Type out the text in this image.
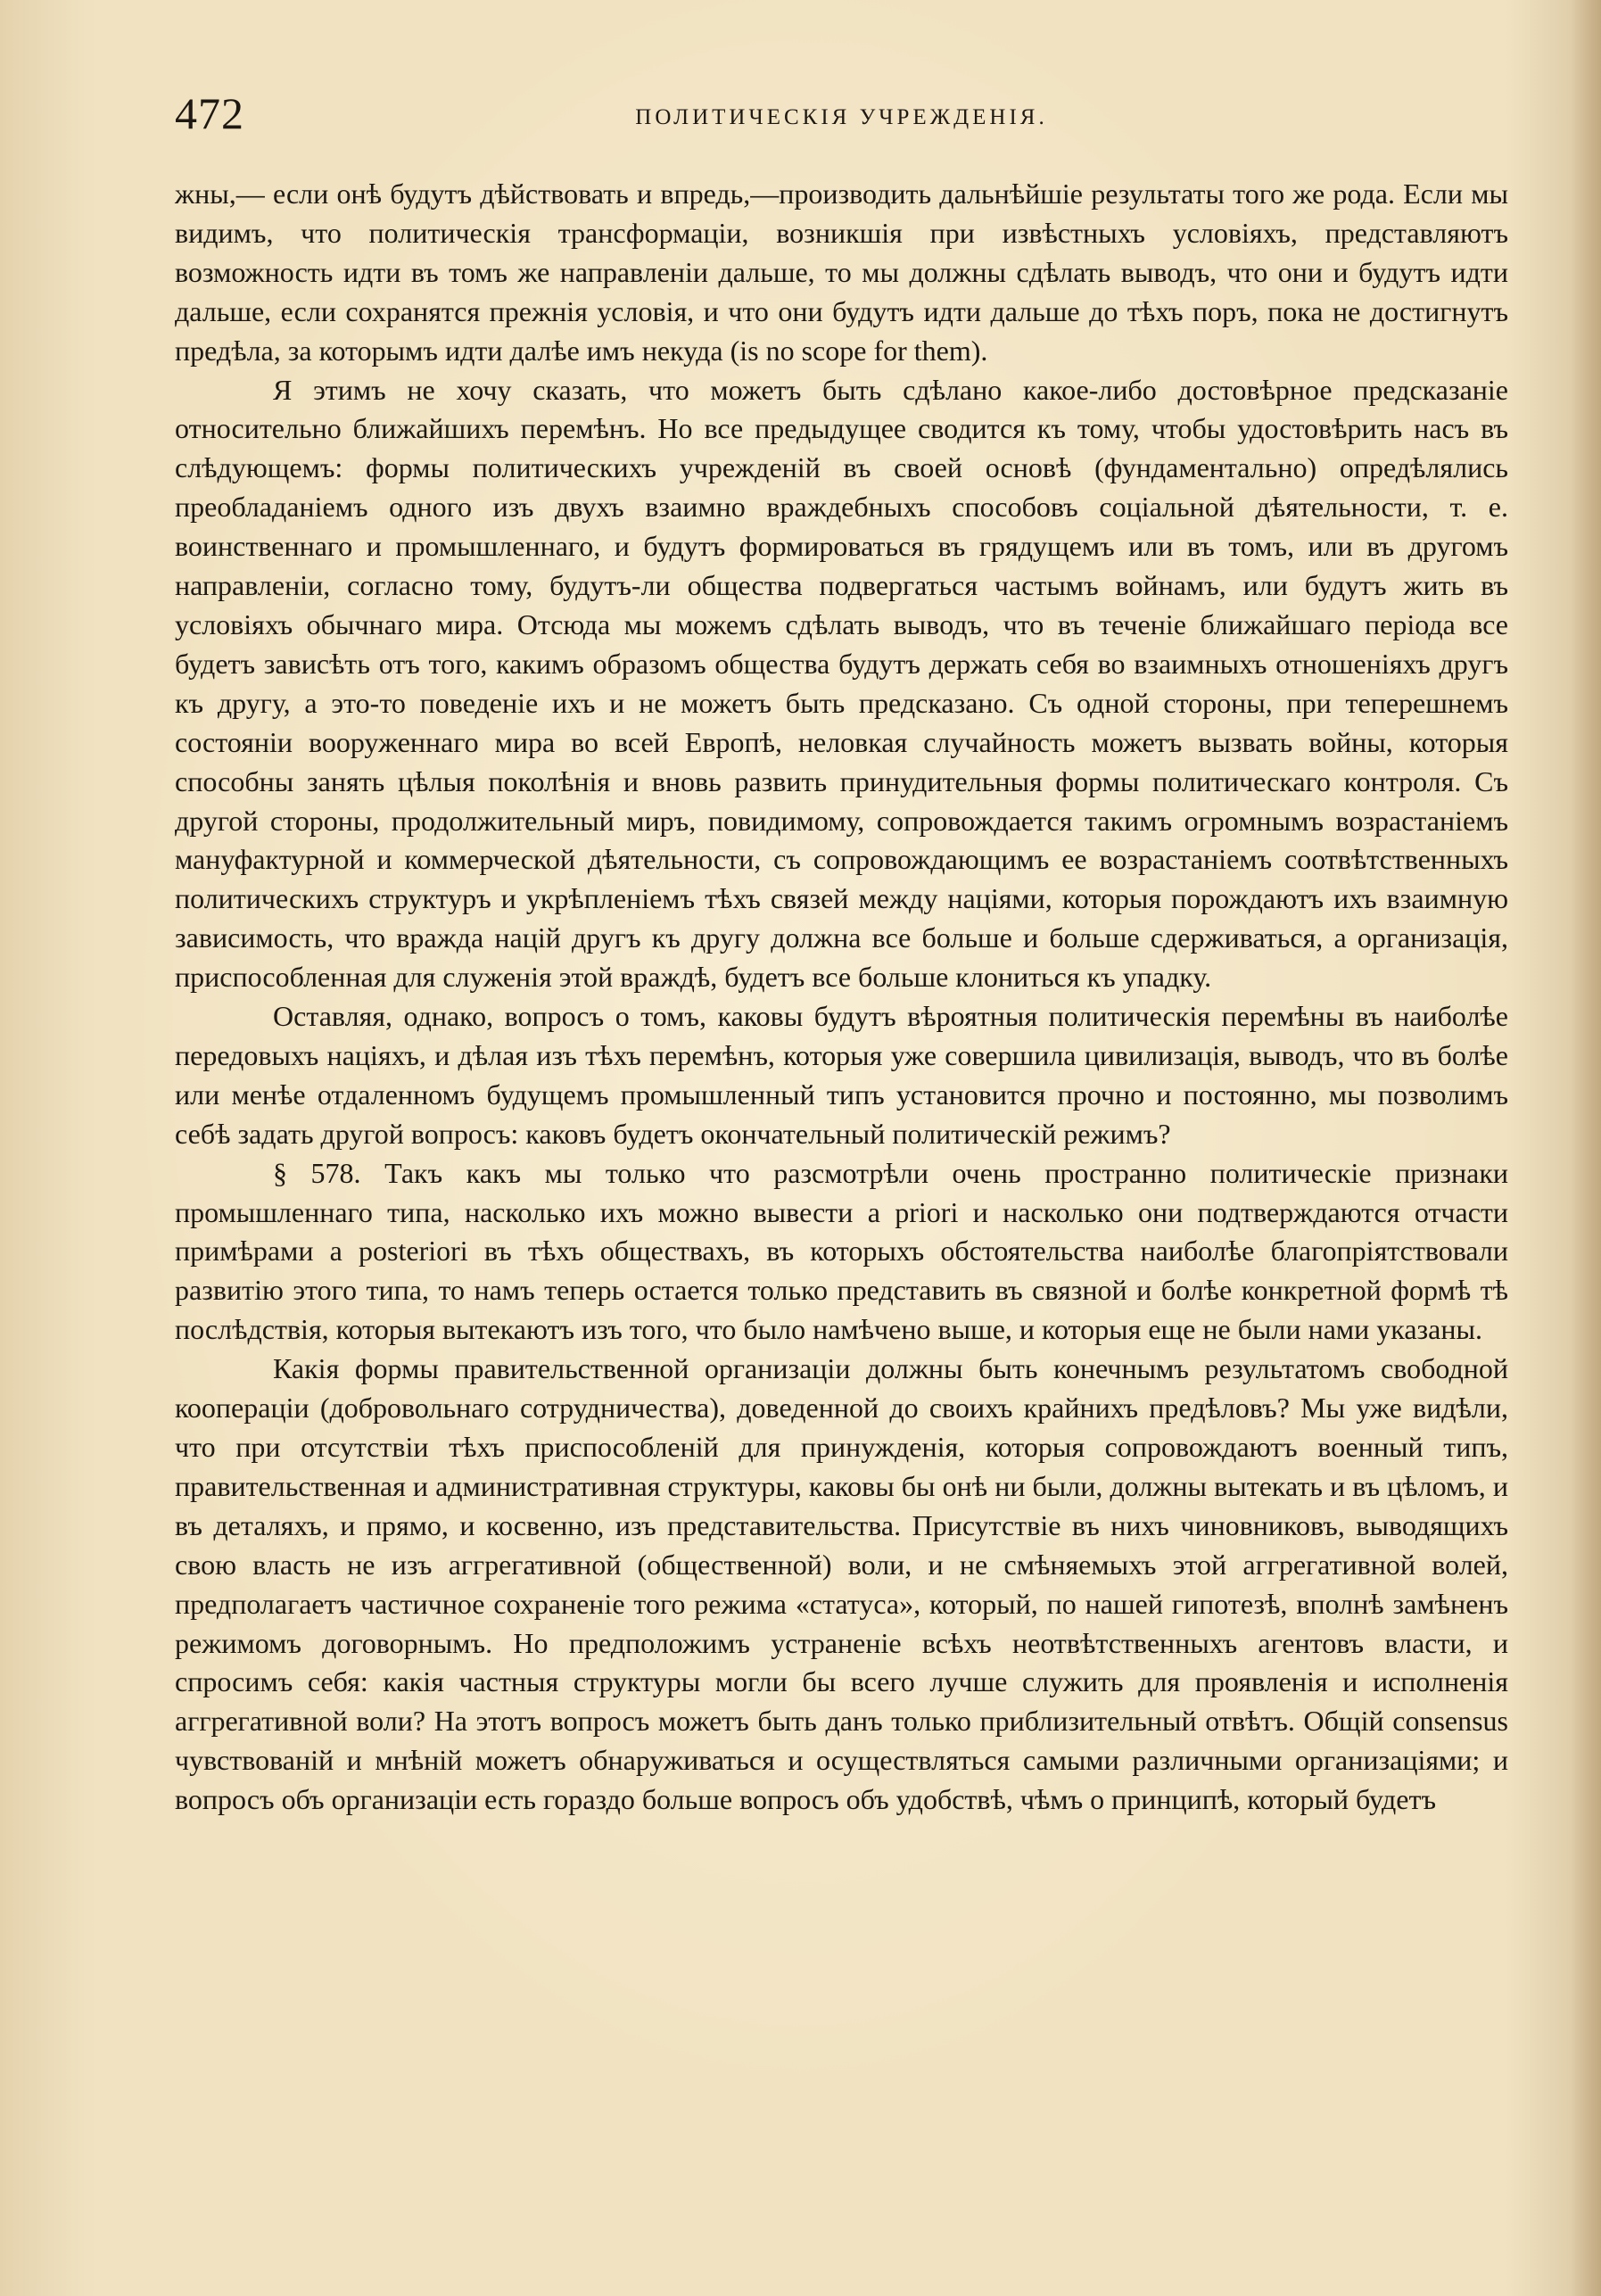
472	ПОЛИТИЧЕСКІЯ УЧРЕЖДЕНІЯ.

жны,— если онѣ будутъ дѣйствовать и впредь,—производить дальнѣйшіе результаты того же рода. Если мы видимъ, что политическія трансформаціи, возникшія при извѣстныхъ условіяхъ, представляютъ возможность идти въ томъ же направленіи дальше, то мы должны сдѣлать выводъ, что они и будутъ идти дальше, если сохранятся прежнія условія, и что они будутъ идти дальше до тѣхъ поръ, пока не достигнутъ предѣла, за которымъ идти далѣе имъ некуда (is no scope for them).

Я этимъ не хочу сказать, что можетъ быть сдѣлано какое-либо достовѣрное предсказаніе относительно ближайшихъ перемѣнъ. Но все предыдущее сводится къ тому, чтобы удостовѣрить насъ въ слѣдующемъ: формы политическихъ учрежденій въ своей основѣ (фундаментально) опредѣлялись преобладаніемъ одного изъ двухъ взаимно враждебныхъ способовъ соціальной дѣятельности, т. е. воинственнаго и промышленнаго, и будутъ формироваться въ грядущемъ или въ томъ, или въ другомъ направленіи, согласно тому, будутъ-ли общества подвергаться частымъ войнамъ, или будутъ жить въ условіяхъ обычнаго мира. Отсюда мы можемъ сдѣлать выводъ, что въ теченіе ближайшаго періода все будетъ зависѣть отъ того, какимъ образомъ общества будутъ держать себя во взаимныхъ отношеніяхъ другъ къ другу, а это-то поведеніе ихъ и не можетъ быть предсказано. Съ одной стороны, при теперешнемъ состояніи вооруженнаго мира во всей Европѣ, неловкая случайность можетъ вызвать войны, которыя способны занять цѣлыя поколѣнія и вновь развить принудительныя формы политическаго контроля. Съ другой стороны, продолжительный миръ, повидимому, сопровождается такимъ огромнымъ возрастаніемъ мануфактурной и коммерческой дѣятельности, съ сопровождающимъ ее возрастаніемъ соотвѣтственныхъ политическихъ структуръ и укрѣпленіемъ тѣхъ связей между націями, которыя порождаютъ ихъ взаимную зависимость, что вражда націй другъ къ другу должна все больше и больше сдерживаться, а организація, приспособленная для служенія этой враждѣ, будетъ все больше клониться къ упадку.

Оставляя, однако, вопросъ о томъ, каковы будутъ вѣроятныя политическія перемѣны въ наиболѣе передовыхъ націяхъ, и дѣлая изъ тѣхъ перемѣнъ, которыя уже совершила цивилизація, выводъ, что въ болѣе или менѣе отдаленномъ будущемъ промышленный типъ установится прочно и постоянно, мы позволимъ себѣ задать другой вопросъ: каковъ будетъ окончательный политическій режимъ?

§ 578. Такъ какъ мы только что разсмотрѣли очень пространно политическіе признаки промышленнаго типа, насколько ихъ можно вывести a priori и насколько они подтверждаются отчасти примѣрами a posteriori въ тѣхъ обществахъ, въ которыхъ обстоятельства наиболѣе благопріятствовали развитію этого типа, то намъ теперь остается только представить въ связной и болѣе конкретной формѣ тѣ послѣдствія, которыя вытекаютъ изъ того, что было намѣчено выше, и которыя еще не были нами указаны.

Какія формы правительственной организаціи должны быть конечнымъ результатомъ свободной коопераціи (добровольнаго сотрудничества), доведенной до своихъ крайнихъ предѣловъ? Мы уже видѣли, что при отсутствіи тѣхъ приспособленій для принужденія, которыя сопровождаютъ военный типъ, правительственная и административная структуры, каковы бы онѣ ни были, должны вытекать и въ цѣломъ, и въ деталяхъ, и прямо, и косвенно, изъ представительства. Присутствіе въ нихъ чиновниковъ, выводящихъ свою власть не изъ аггрегативной (общественной) воли, и не смѣняемыхъ этой аггрегативной волей, предполагаетъ частичное сохраненіе того режима «статуса», который, по нашей гипотезѣ, вполнѣ замѣненъ режимомъ договорнымъ. Но предположимъ устраненіе всѣхъ неотвѣтственныхъ агентовъ власти, и спросимъ себя: какія частныя структуры могли бы всего лучше служить для проявленія и исполненія аггрегативной воли? На этотъ вопросъ можетъ быть данъ только приблизительный отвѣтъ. Общій consensus чувствованій и мнѣній можетъ обнаруживаться и осуществляться самыми различными организаціями; и вопросъ объ организаціи есть гораздо больше вопросъ объ удобствѣ, чѣмъ о принципѣ, который будетъ
